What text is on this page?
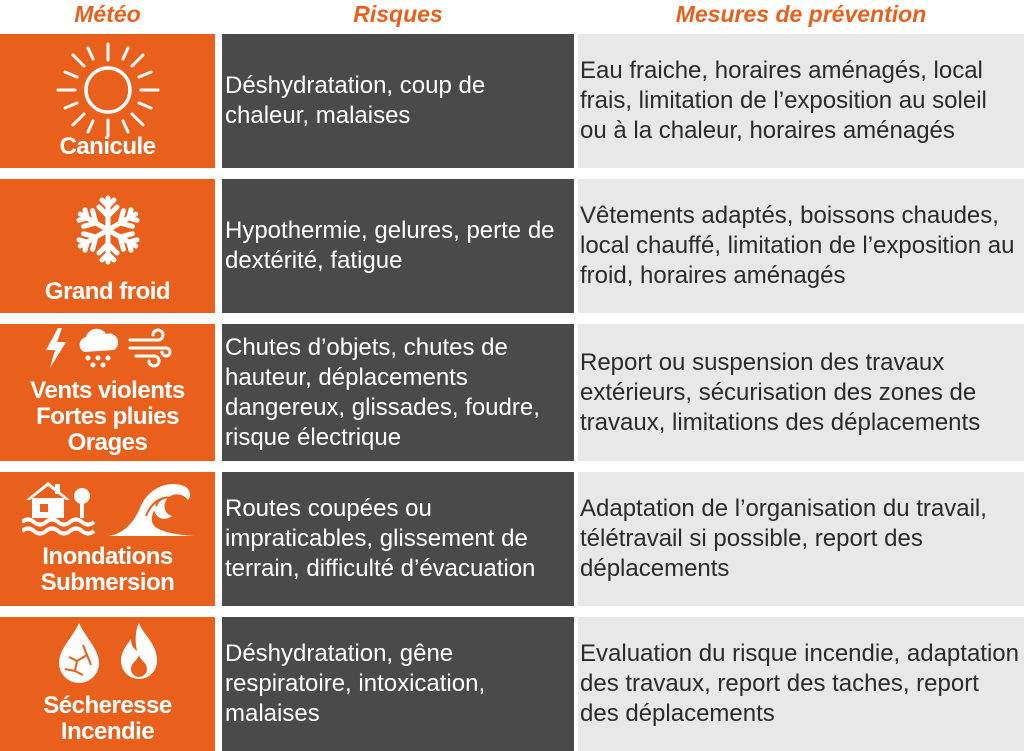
Météo	Risques	Mesures de prévention
Canicule
Déshydratation, coup de chaleur, malaises
Eau fraiche, horaires aménagés, local frais, limitation de l’exposition au soleil ou à la chaleur, horaires aménagés
Grand froid
Hypothermie, gelures, perte de dextérité, fatigue
Vêtements adaptés, boissons chaudes, local chauffé, limitation de l’exposition au froid, horaires aménagés
Vents violents
Fortes pluies
Orages
Chutes d’objets, chutes de hauteur, déplacements dangereux, glissades, foudre, risque électrique
Report ou suspension des travaux extérieurs, sécurisation des zones de travaux, limitations des déplacements
Inondations
Submersion
Routes coupées ou impraticables, glissement de terrain, difficulté d’évacuation
Adaptation de l’organisation du travail, télétravail si possible, report des déplacements
Sécheresse
Incendie
Déshydratation, gêne respiratoire, intoxication, malaises
Evaluation du risque incendie, adaptation des travaux, report des taches, report des déplacements
